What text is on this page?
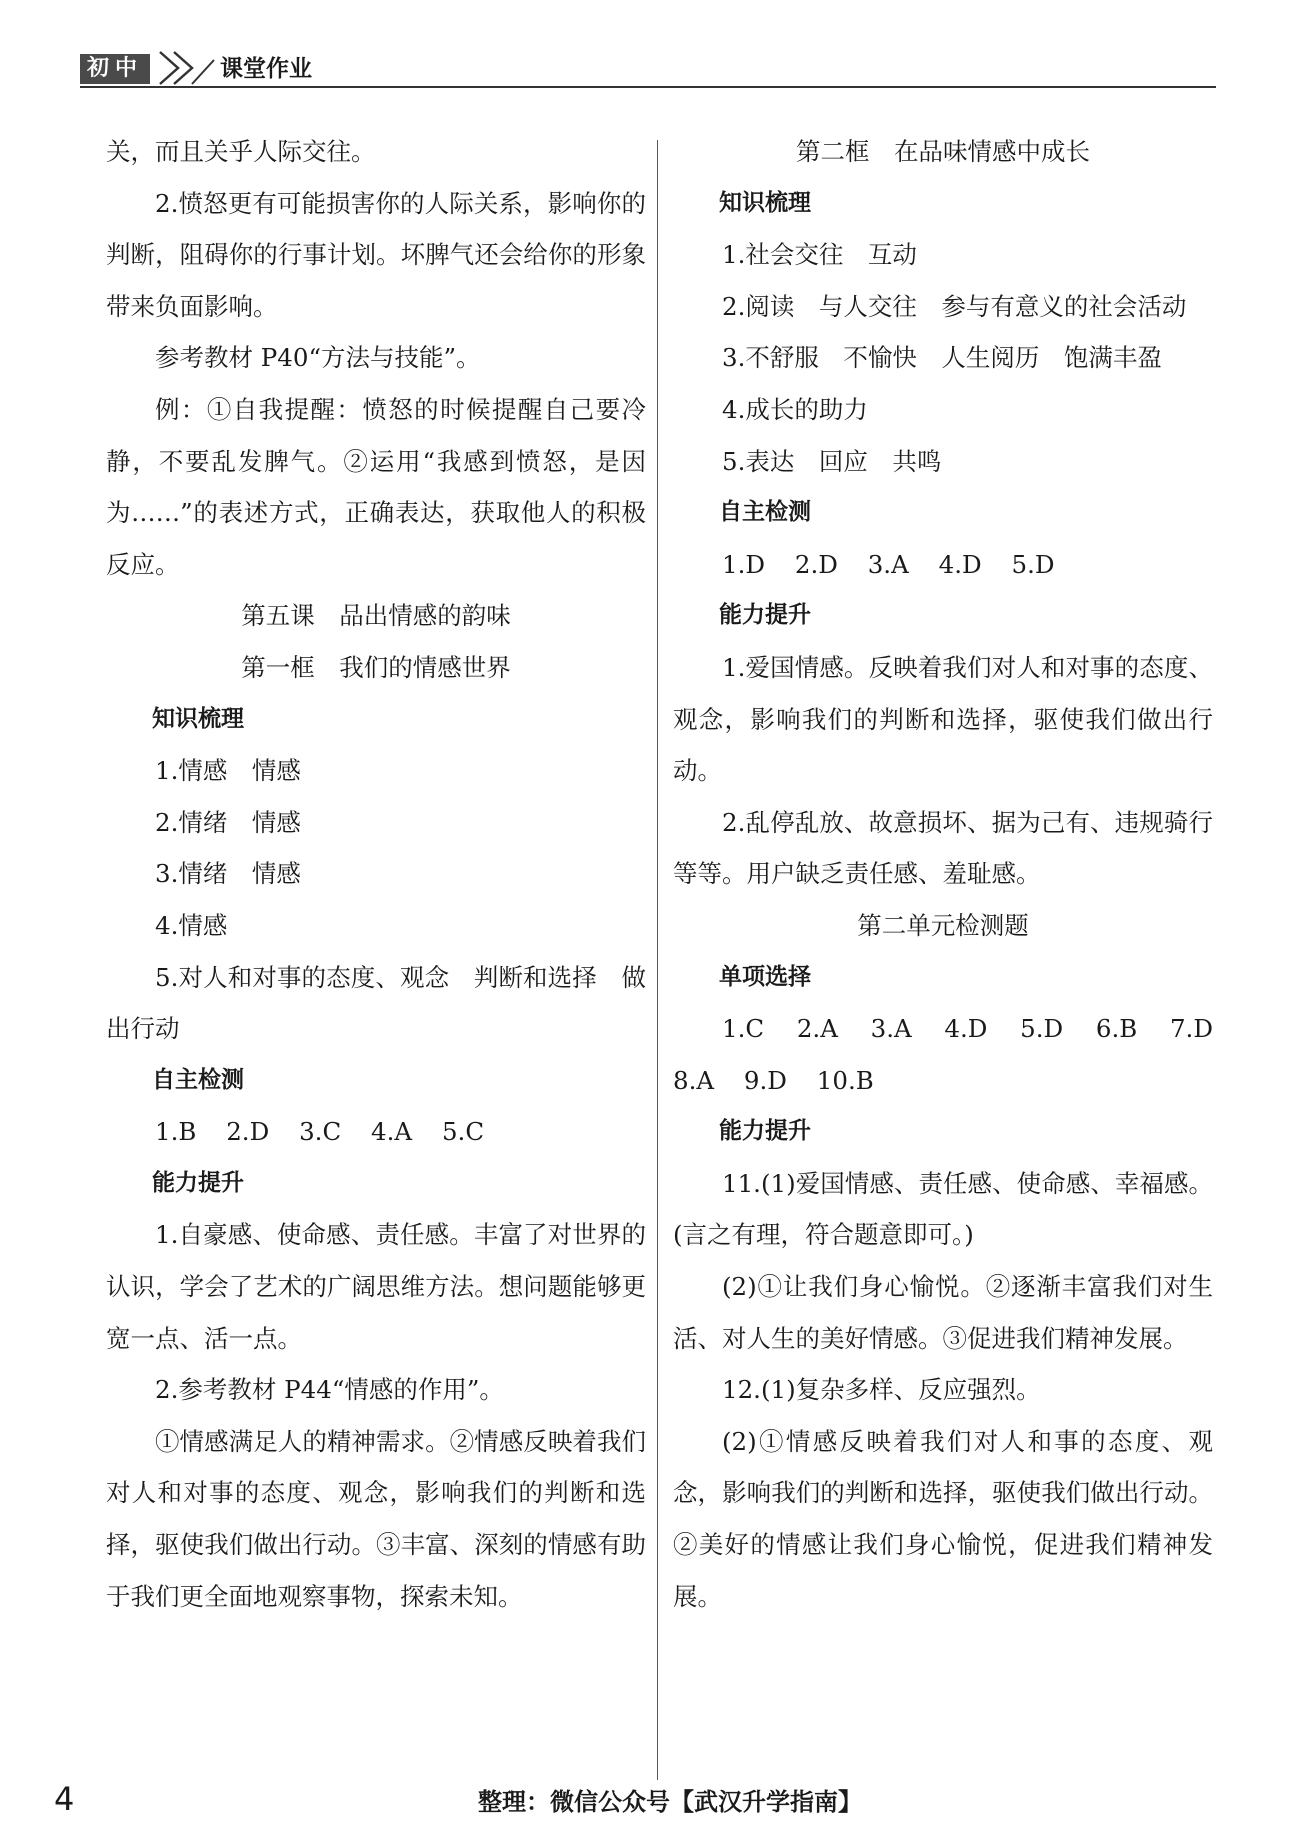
初中	课堂作业
关，而且关乎人际交往。
2.愤怒更有可能损害你的人际关系，影响你的判断，阻碍你的行事计划。坏脾气还会给你的形象带来负面影响。
参考教材 P40“方法与技能”。
例：①自我提醒：愤怒的时候提醒自己要冷静，不要乱发脾气。②运用“我感到愤怒，是因为……”的表述方式，正确表达，获取他人的积极反应。
第五课　品出情感的韵味
第一框　我们的情感世界
知识梳理
1.情感　情感
2.情绪　情感
3.情绪　情感
4.情感
5.对人和对事的态度、观念　判断和选择　做出行动
自主检测
1.B 2.D 3.C 4.A 5.C
能力提升
1.自豪感、使命感、责任感。丰富了对世界的认识，学会了艺术的广阔思维方法。想问题能够更宽一点、活一点。
2.参考教材 P44“情感的作用”。
①情感满足人的精神需求。②情感反映着我们对人和对事的态度、观念，影响我们的判断和选择，驱使我们做出行动。③丰富、深刻的情感有助于我们更全面地观察事物，探索未知。
第二框　在品味情感中成长
知识梳理
1.社会交往　互动
2.阅读　与人交往　参与有意义的社会活动
3.不舒服　不愉快　人生阅历　饱满丰盈
4.成长的助力
5.表达　回应　共鸣
自主检测
1.D 2.D 3.A 4.D 5.D
能力提升
1.爱国情感。反映着我们对人和对事的态度、观念，影响我们的判断和选择，驱使我们做出行动。
2.乱停乱放、故意损坏、据为己有、违规骑行等等。用户缺乏责任感、羞耻感。
第二单元检测题
单项选择
1.C 2.A 3.A 4.D 5.D 6.B 7.D 8.A 9.D 10.B
能力提升
11.(1)爱国情感、责任感、使命感、幸福感。(言之有理，符合题意即可。)
(2)①让我们身心愉悦。②逐渐丰富我们对生活、对人生的美好情感。③促进我们精神发展。
12.(1)复杂多样、反应强烈。
(2)①情感反映着我们对人和事的态度、观念，影响我们的判断和选择，驱使我们做出行动。②美好的情感让我们身心愉悦，促进我们精神发展。
4	整理：微信公众号【武汉升学指南】
